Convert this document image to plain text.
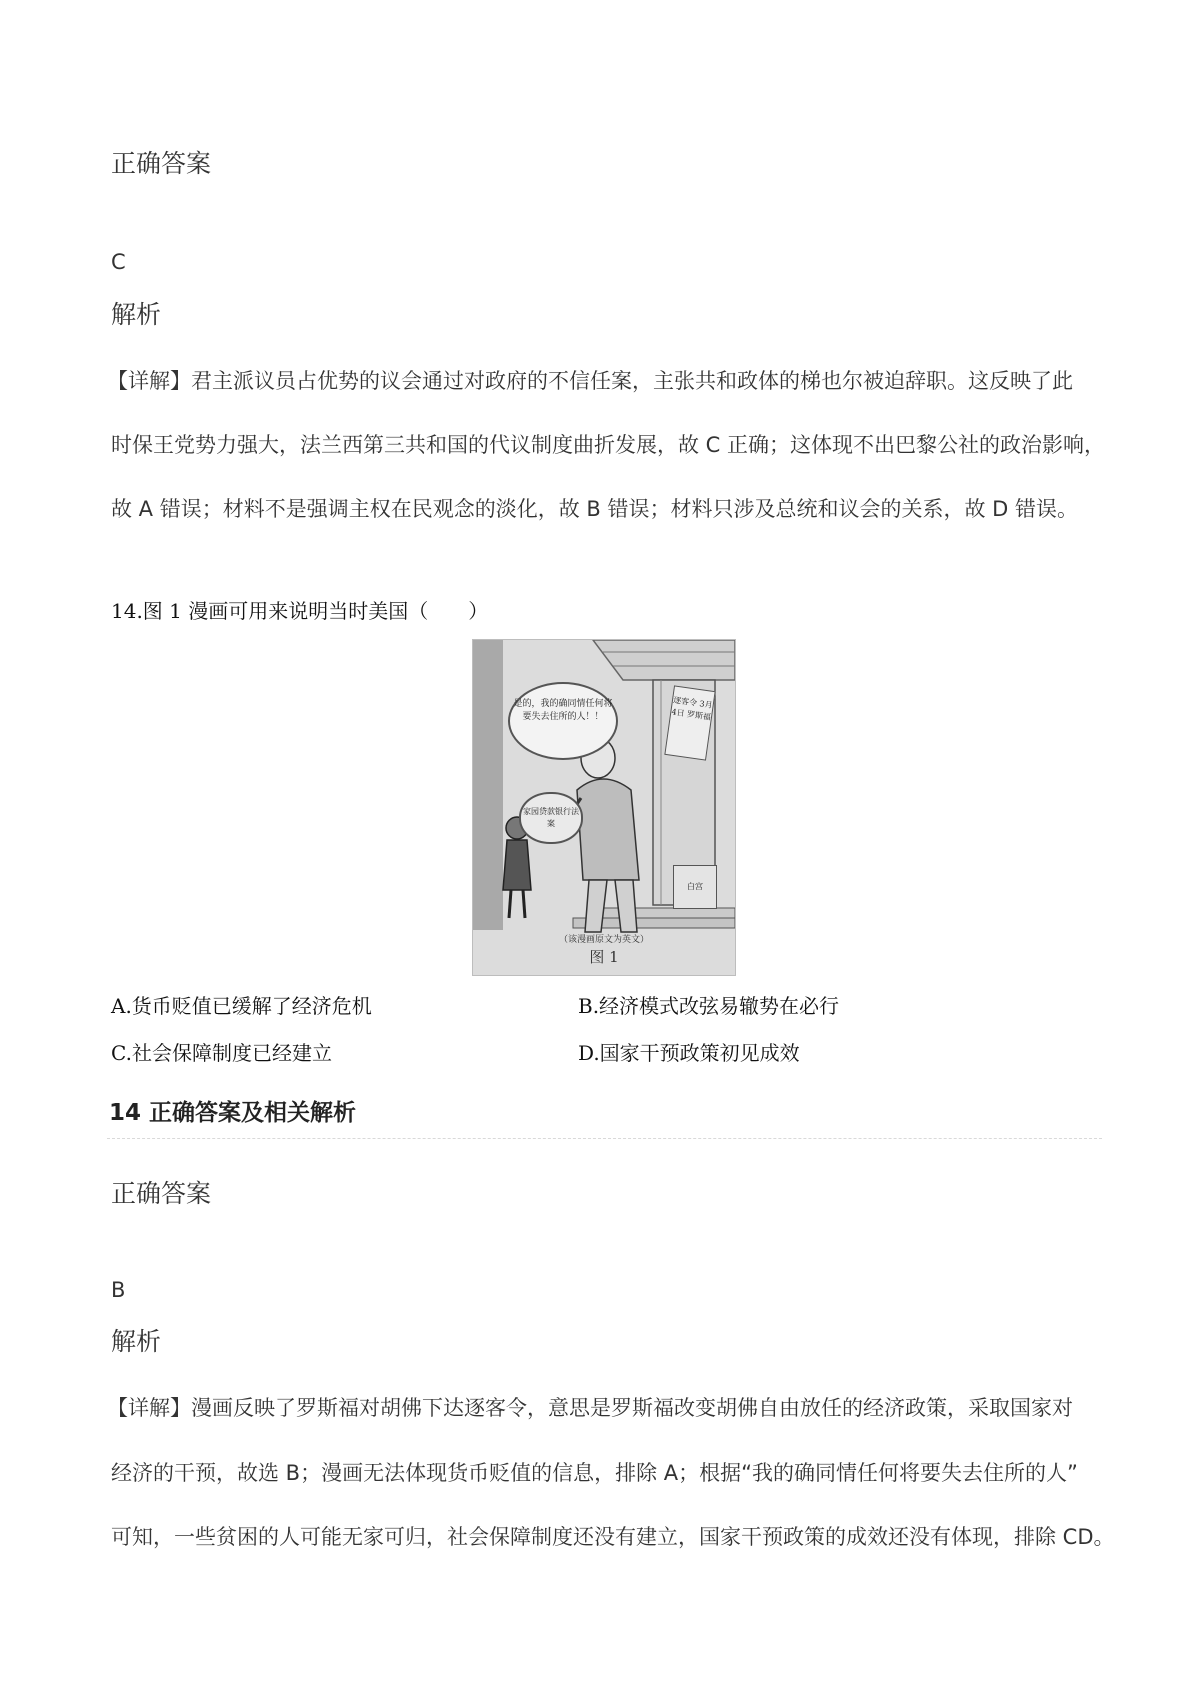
正确答案
C
解析
【详解】君主派议员占优势的议会通过对政府的不信任案，主张共和政体的梯也尔被迫辞职。这反映了此
时保王党势力强大，法兰西第三共和国的代议制度曲折发展，故 C 正确；这体现不出巴黎公社的政治影响，
故 A 错误；材料不是强调主权在民观念的淡化，故 B 错误；材料只涉及总统和议会的关系，故 D 错误。
14.图 1 漫画可用来说明当时美国（　　）
是的，我的确同情任何将要失去住所的人！！
家园贷款银行法案
逐客令 3月4日 罗斯福
白宫
（该漫画原文为英文）
图 1
A.货币贬值已缓解了经济危机	B.经济模式改弦易辙势在必行
C.社会保障制度已经建立	D.国家干预政策初见成效
14 正确答案及相关解析
正确答案
B
解析
【详解】漫画反映了罗斯福对胡佛下达逐客令，意思是罗斯福改变胡佛自由放任的经济政策，采取国家对
经济的干预，故选 B；漫画无法体现货币贬值的信息，排除 A；根据“我的确同情任何将要失去住所的人”
可知，一些贫困的人可能无家可归，社会保障制度还没有建立，国家干预政策的成效还没有体现，排除 CD。
